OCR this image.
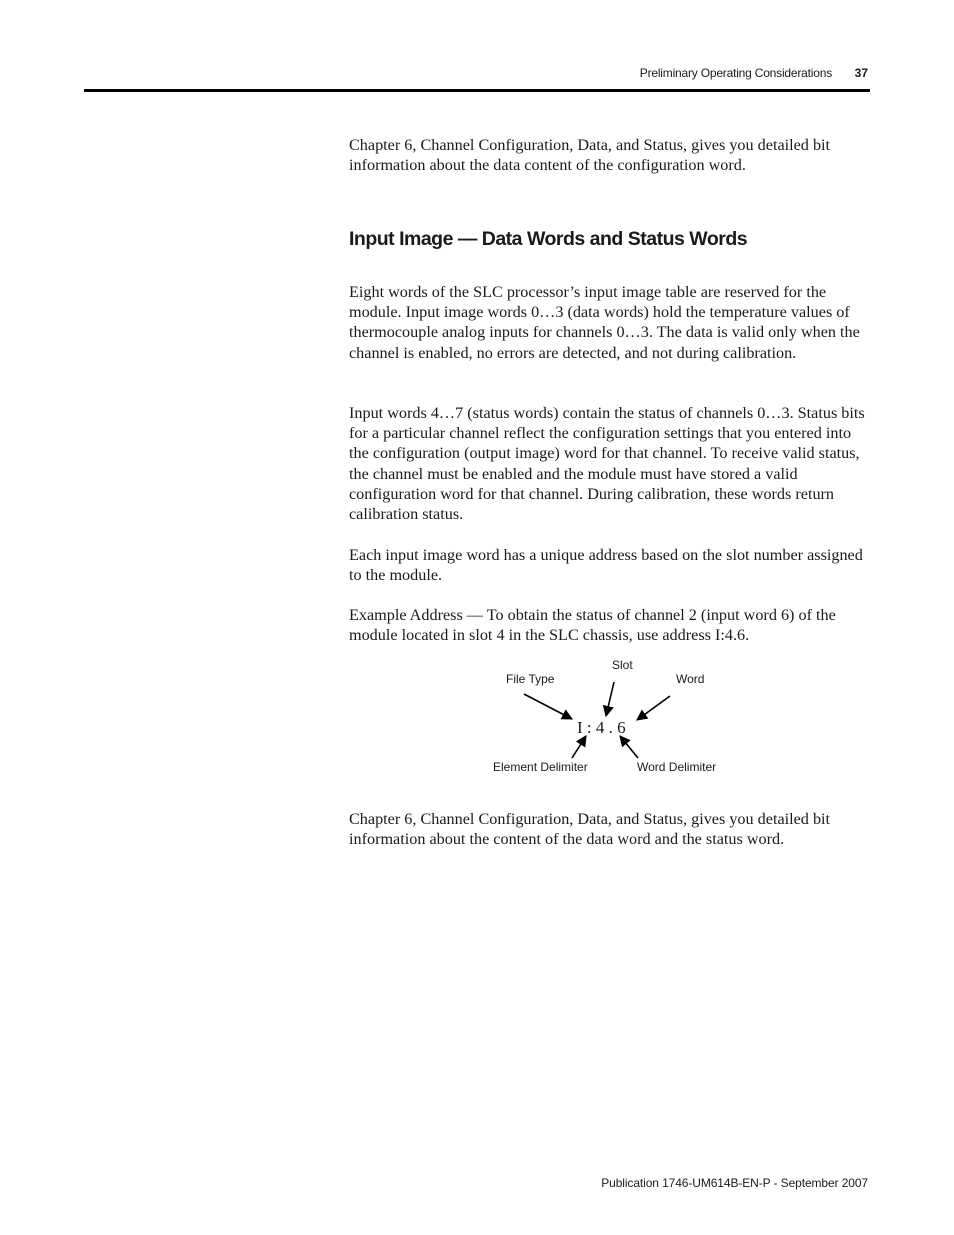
Preliminary Operating Considerations 37

Chapter 6, Channel Configuration, Data, and Status, gives you detailed bit information about the data content of the configuration word.

Input Image — Data Words and Status Words

Eight words of the SLC processor’s input image table are reserved for the module. Input image words 0…3 (data words) hold the temperature values of thermocouple analog inputs for channels 0…3. The data is valid only when the channel is enabled, no errors are detected, and not during calibration.

Input words 4…7 (status words) contain the status of channels 0…3. Status bits for a particular channel reflect the configuration settings that you entered into the configuration (output image) word for that channel. To receive valid status, the channel must be enabled and the module must have stored a valid configuration word for that channel. During calibration, these words return calibration status.

Each input image word has a unique address based on the slot number assigned to the module.

Example Address — To obtain the status of channel 2 (input word 6) of the module located in slot 4 in the SLC chassis, use address I:4.6.

File Type
Slot
Word
I : 4 . 6
Element Delimiter	Word Delimiter

Chapter 6, Channel Configuration, Data, and Status, gives you detailed bit information about the content of the data word and the status word.

Publication 1746-UM614B-EN-P - September 2007
